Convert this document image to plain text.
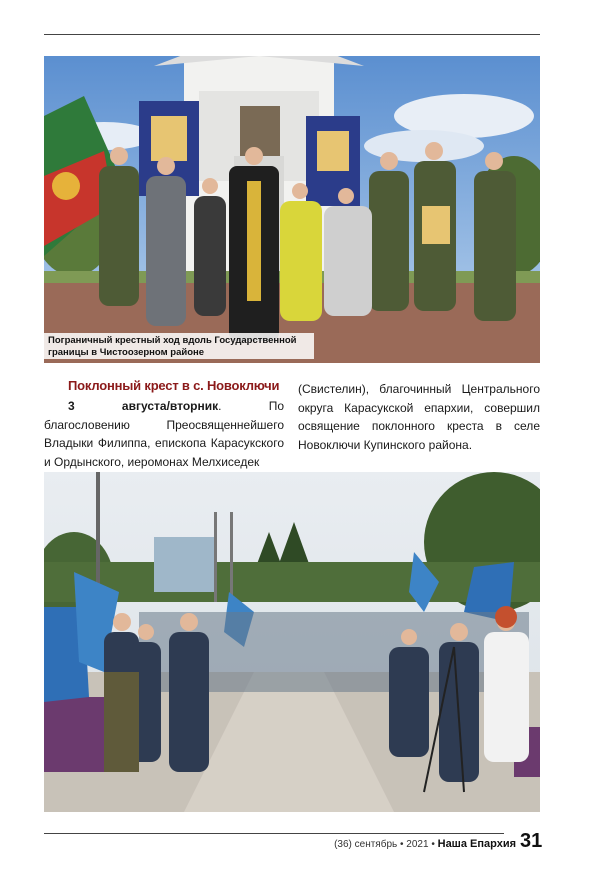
Пограничный крестный ход вдоль Государственной
границы в Чистоозерном районе
Поклонный крест в с. Новоключи
3 августа/вторник. По благословению Преосвященнейшего Владыки Филиппа, епископа Карасукского и Ордынского, иеромонах Мелхиседек
(Свистелин), благочинный Центрального округа Карасукской епархии, совершил освящение поклонного креста в селе Новоключи Купинского района.
(36) сентябрь • 2021 • Наша Епархия 31
